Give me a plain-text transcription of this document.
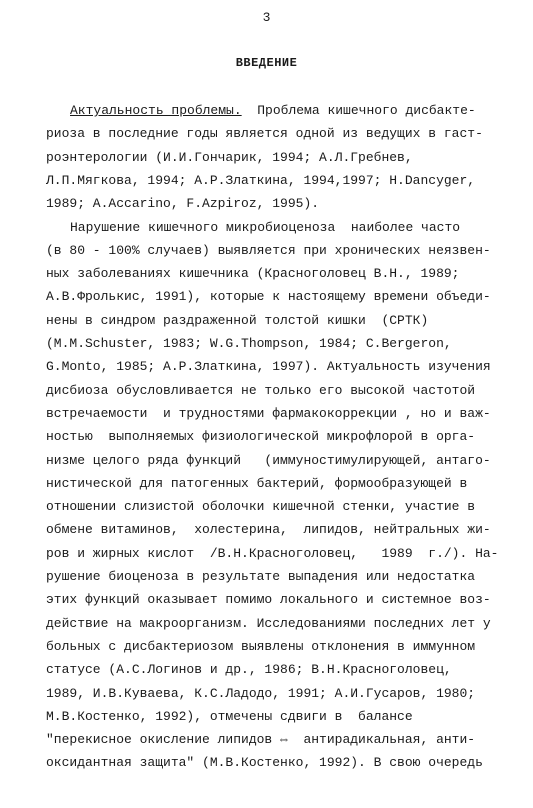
3
ВВЕДЕНИЕ
Актуальность проблемы.  Проблема кишечного дисбакте-
риоза в последние годы является одной из ведущих в гаст-
роэнтерологии (И.И.Гончарик, 1994; А.Л.Гребнев,
Л.П.Мягкова, 1994; А.Р.Златкина, 1994,1997; H.Dancyger,
1989; A.Accarino, F.Azpiroz, 1995).
Нарушение кишечного микробиоценоза  наиболее часто
(в 80 - 100% случаев) выявляется при хронических неязвен-
ных заболеваниях кишечника (Красноголовец В.Н., 1989;
А.В.Фролькис, 1991), которые к настоящему времени объеди-
нены в синдром раздраженной толстой кишки  (СРТК)
(M.M.Schuster, 1983; W.G.Thompson, 1984; C.Bergeron,
G.Monto, 1985; А.Р.Златкина, 1997). Актуальность изучения
дисбиоза обусловливается не только его высокой частотой
встречаемости  и трудностями фармакокоррекции , но и важ-
ностью  выполняемых физиологической микрофлорой в орга-
низме целого ряда функций   (иммуностимулирующей, антаго-
нистической для патогенных бактерий, формообразующей в
отношении слизистой оболочки кишечной стенки, участие в
обмене витаминов,  холестерина,  липидов, нейтральных жи-
ров и жирных кислот  /В.Н.Красноголовец,   1989  г./). На-
рушение биоценоза в результате выпадения или недостатка
этих функций оказывает помимо локального и системное воз-
действие на макроорганизм. Исследованиями последних лет у
больных с дисбактериозом выявлены отклонения в иммунном
статусе (А.С.Логинов и др., 1986; В.Н.Красноголовец,
1989, И.В.Куваева, К.С.Ладодо, 1991; А.И.Гусаров, 1980;
М.В.Костенко, 1992), отмечены сдвиги в  балансе
"перекисное окисление липидов ⇔  антирадикальная, анти-
оксидантная защита" (М.В.Костенко, 1992). В свою очередь
